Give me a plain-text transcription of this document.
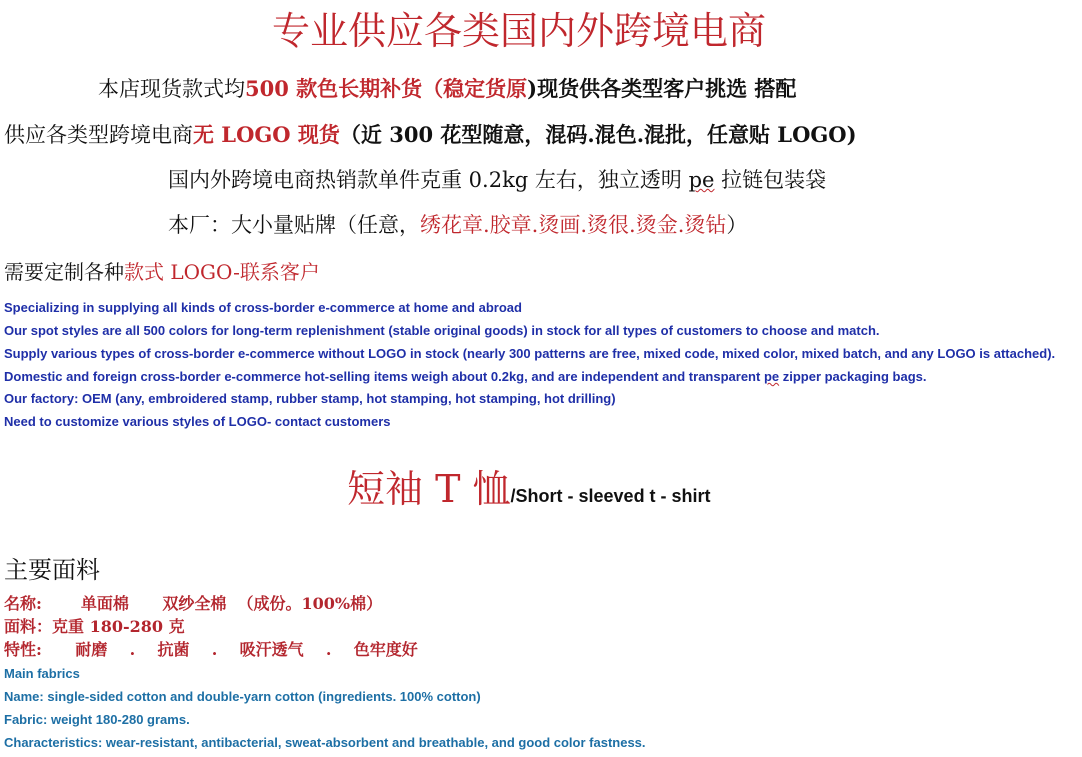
专业供应各类国内外跨境电商
本店现货款式均500 款色长期补货（稳定货原)现货供各类型客户挑选 搭配
供应各类型跨境电商无 LOGO 现货（近 300 花型随意，混码.混色.混批，任意贴 LOGO)
国内外跨境电商热销款单件克重 0.2kg 左右，独立透明 pe 拉链包装袋
本厂：大小量贴牌（任意，绣花章.胶章.烫画.烫很.烫金.烫钻）
需要定制各种款式 LOGO-联系客户
Specializing in supplying all kinds of cross-border e-commerce at home and abroad
Our spot styles are all 500 colors for long-term replenishment (stable original goods) in stock for all types of customers to choose and match.
Supply various types of cross-border e-commerce without LOGO in stock (nearly 300 patterns are free, mixed code, mixed color, mixed batch, and any LOGO is attached).
Domestic and foreign cross-border e-commerce hot-selling items weigh about 0.2kg, and are independent and transparent pe zipper packaging bags.
Our factory: OEM (any, embroidered stamp, rubber stamp, hot stamping, hot stamping, hot drilling)
Need to customize various styles of LOGO- contact customers
短袖 T 恤/Short - sleeved t - shirt
主要面料
名称:       单面棉      双纱全棉  （成份。100%棉）
面料：克重 180-280 克
特性:      耐磨    .    抗菌    .    吸汗透气    .    色牢度好
Main fabrics
Name: single-sided cotton and double-yarn cotton (ingredients. 100% cotton)
Fabric: weight 180-280 grams.
Characteristics: wear-resistant, antibacterial, sweat-absorbent and breathable, and good color fastness.
